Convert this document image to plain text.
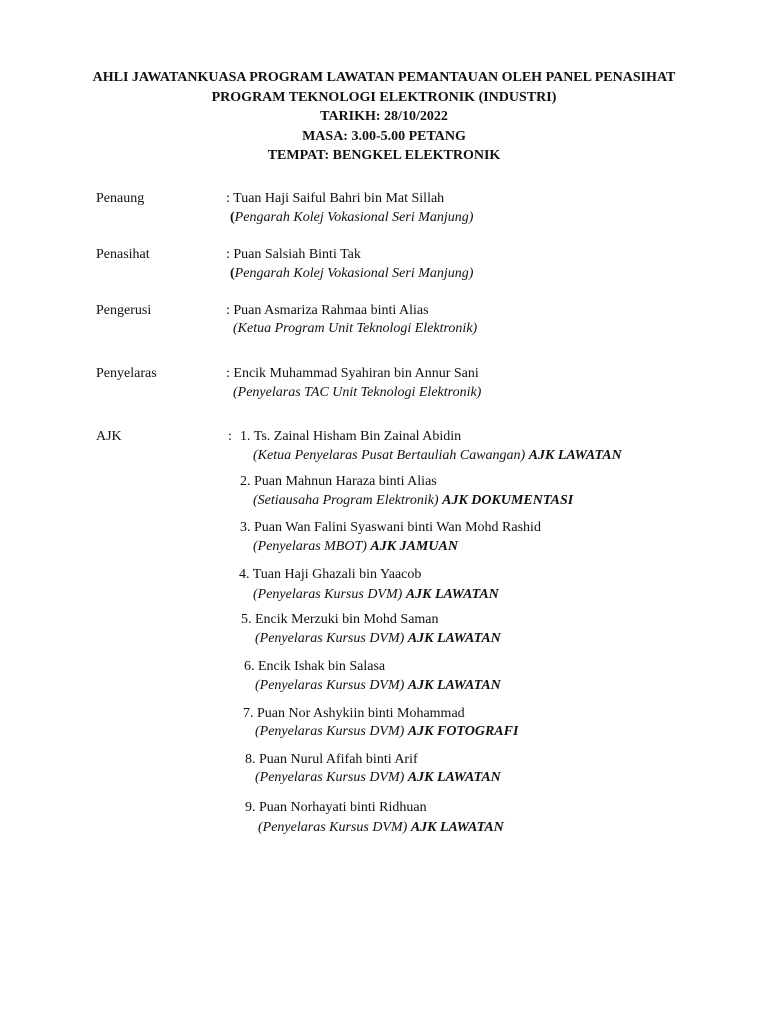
AHLI JAWATANKUASA PROGRAM LAWATAN PEMANTAUAN OLEH PANEL PENASIHAT
PROGRAM TEKNOLOGI ELEKTRONIK (INDUSTRI)
TARIKH: 28/10/2022
MASA: 3.00-5.00 PETANG
TEMPAT: BENGKEL ELEKTRONIK
Penaung	: Tuan Haji Saiful Bahri bin Mat Sillah
(Pengarah Kolej Vokasional Seri Manjung)
Penasihat	: Puan Salsiah Binti Tak
(Pengarah Kolej Vokasional Seri Manjung)
Pengerusi	: Puan Asmariza Rahmaa binti Alias
(Ketua Program Unit Teknologi Elektronik)
Penyelaras	: Encik Muhammad Syahiran bin Annur Sani
(Penyelaras TAC Unit Teknologi Elektronik)
AJK	: 1. Ts. Zainal Hisham Bin Zainal Abidin
(Ketua Penyelaras Pusat Bertauliah Cawangan) AJK LAWATAN
2. Puan Mahnun Haraza binti Alias
(Setiausaha Program Elektronik) AJK DOKUMENTASI
3. Puan Wan Falini Syaswani binti Wan Mohd Rashid
(Penyelaras MBOT) AJK JAMUAN
4. Tuan Haji Ghazali bin Yaacob
(Penyelaras Kursus DVM) AJK LAWATAN
5. Encik Merzuki bin Mohd Saman
(Penyelaras Kursus DVM) AJK LAWATAN
6. Encik Ishak bin Salasa
(Penyelaras Kursus DVM) AJK LAWATAN
7. Puan Nor Ashykiin binti Mohammad
(Penyelaras Kursus DVM) AJK FOTOGRAFI
8. Puan Nurul Afifah binti Arif
(Penyelaras Kursus DVM) AJK LAWATAN
9. Puan Norhayati binti Ridhuan
(Penyelaras Kursus DVM) AJK LAWATAN
